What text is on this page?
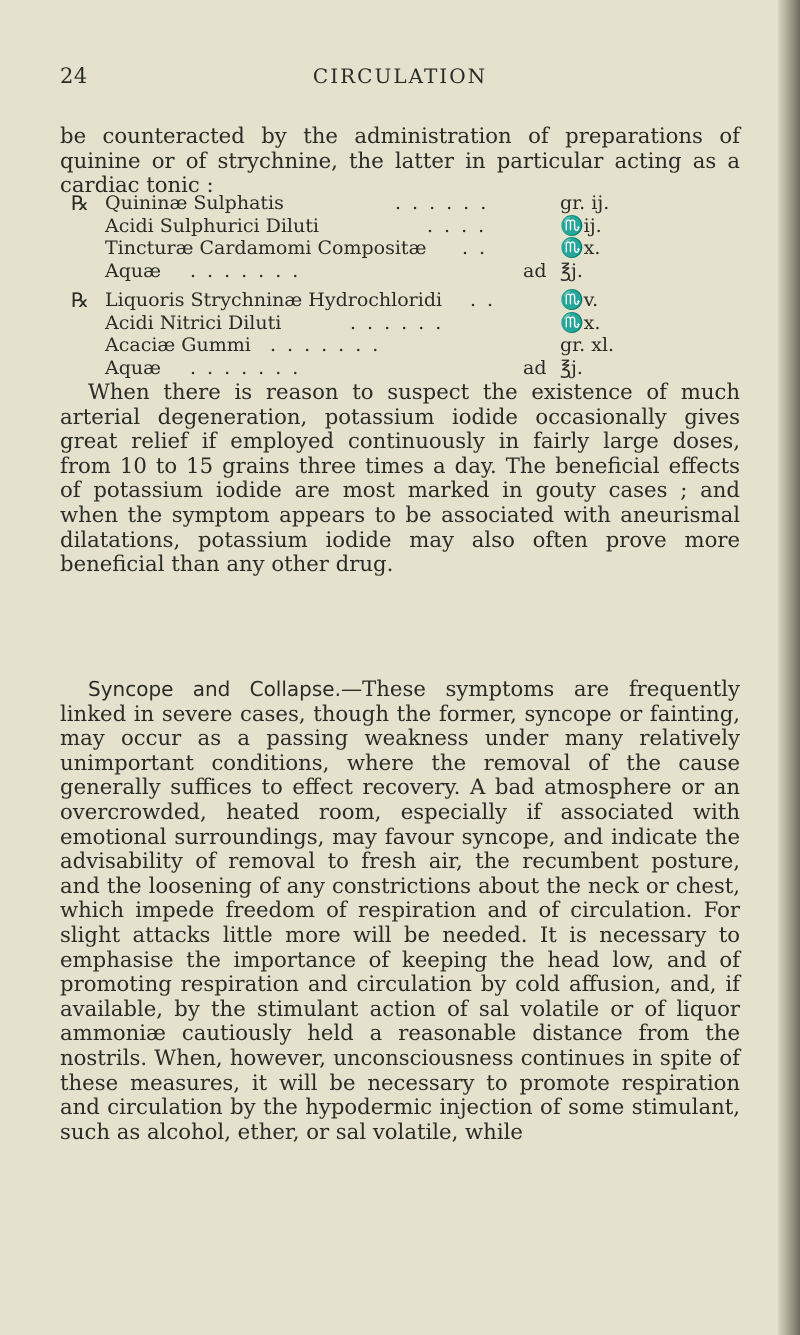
24	CIRCULATION

be counteracted by the administration of preparations of quinine or of strychnine, the latter in particular acting as a cardiac tonic :

℞ Quininæ Sulphatis	......	gr. ij.
Acidi Sulphurici Diluti	....	♏ij.
Tincturæ Cardamomi Compositæ ..	♏x.
Aquæ .......	ad ℥j.
℞ Liquoris Strychninæ Hydrochloridi ..	♏v.
Acidi Nitrici Diluti	......	♏x.
Acaciæ Gummi .......	gr. xl.
Aquæ .......	ad ℥j.

When there is reason to suspect the existence of much arterial degeneration, potassium iodide occasionally gives great relief if employed continuously in fairly large doses, from 10 to 15 grains three times a day. The beneficial effects of potassium iodide are most marked in gouty cases ; and when the symptom appears to be associated with aneurismal dilatations, potassium iodide may also often prove more beneficial than any other drug.

Syncope and Collapse.—These symptoms are frequently linked in severe cases, though the former, syncope or fainting, may occur as a passing weakness under many relatively unimportant conditions, where the removal of the cause generally suffices to effect recovery. A bad atmosphere or an overcrowded, heated room, especially if associated with emotional surroundings, may favour syncope, and indicate the advisability of removal to fresh air, the recumbent posture, and the loosening of any constrictions about the neck or chest, which impede freedom of respiration and of circulation. For slight attacks little more will be needed. It is necessary to emphasise the importance of keeping the head low, and of promoting respiration and circulation by cold affusion, and, if available, by the stimulant action of sal volatile or of liquor ammoniæ cautiously held a reasonable distance from the nostrils. When, however, unconsciousness continues in spite of these measures, it will be necessary to promote respiration and circulation by the hypodermic injection of some stimulant, such as alcohol, ether, or sal volatile, while
